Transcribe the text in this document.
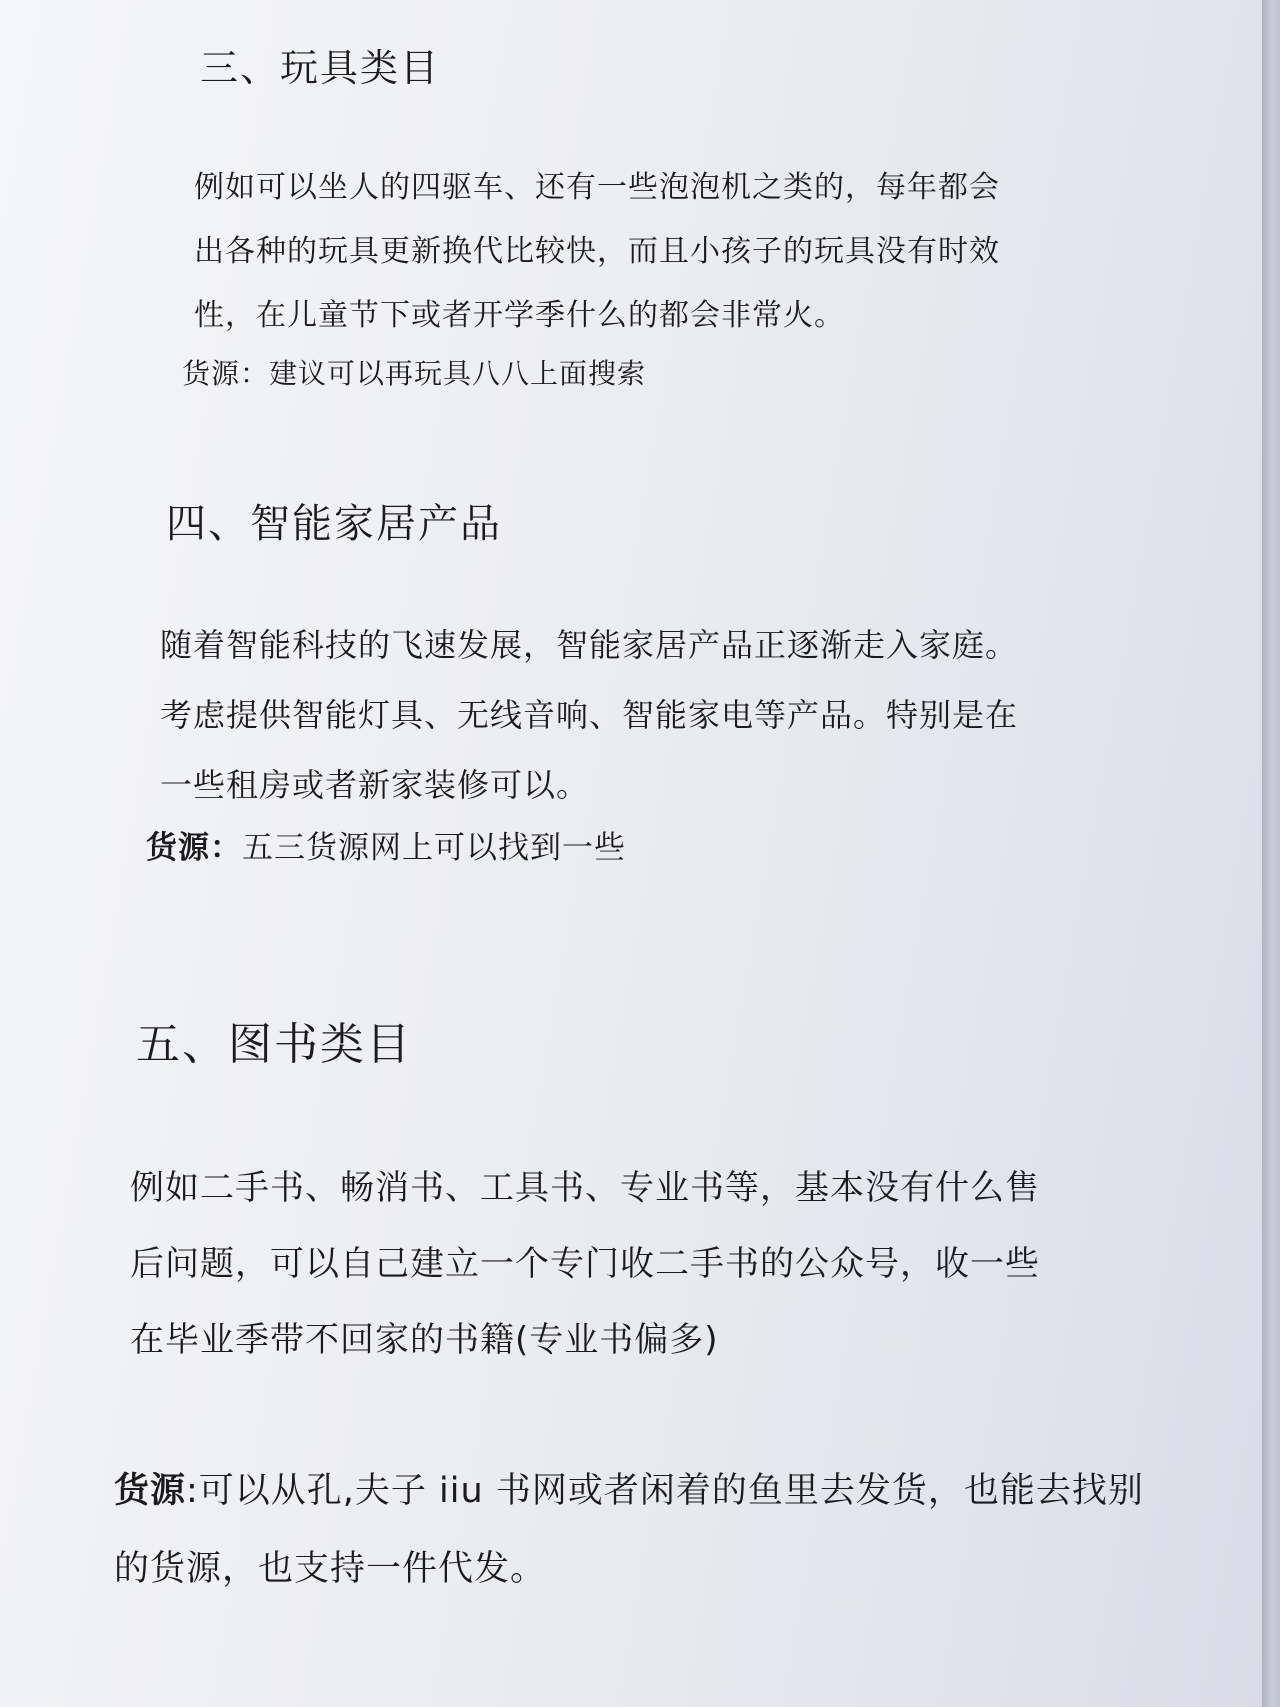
三、玩具类目

例如可以坐人的四驱车、还有一些泡泡机之类的，每年都会
出各种的玩具更新换代比较快，而且小孩子的玩具没有时效
性，在儿童节下或者开学季什么的都会非常火。

货源：建议可以再玩具八八上面搜索

四、智能家居产品

随着智能科技的飞速发展，智能家居产品正逐渐走入家庭。
考虑提供智能灯具、无线音响、智能家电等产品。特别是在
一些租房或者新家装修可以。

货源：五三货源网上可以找到一些

五、图书类目

例如二手书、畅消书、工具书、专业书等，基本没有什么售
后问题，可以自己建立一个专门收二手书的公众号，收一些
在毕业季带不回家的书籍(专业书偏多)

货源:可以从孔,夫子 iiu 书网或者闲着的鱼里去发货，也能去找别的货源，也支持一件代发。
